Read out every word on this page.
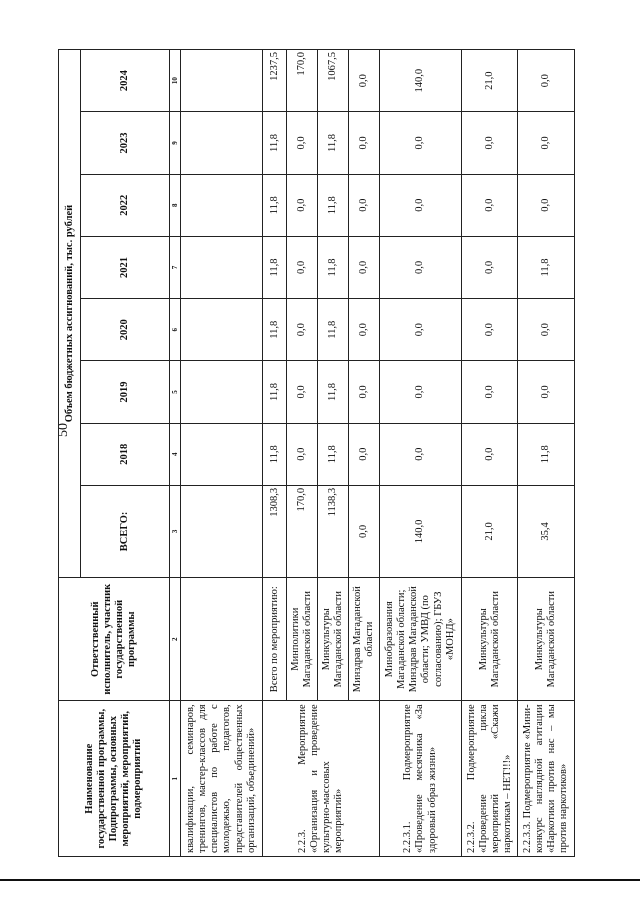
50
Наименование государственной программы, Подпрограммы, основных мероприятий, мероприятий, подмероприятий	Ответственный исполнитель, участник государственной программы	Объем бюджетных ассигнований, тыс. рублей							
		ВСЕГО:	2018	2019	2020	2021	2022	2023	2024
1	2	3	4	5	6	7	8	9	10

квалификации, семинаров, тренингов, мастер-классов для специалистов по работе с молодежью, педагогов, представителей общественных организаций, объединений»									

2.2.3. Мероприятие «Организация и проведение культурно-массовых мероприятий»	Всего по мероприятию:	1308,3	11,8	11,8	11,8	11,8	11,8	11,8	1237,5
	Минполитики Магаданской области	170,0	0,0	0,0	0,0	0,0	0,0	0,0	170,0
	Минкультуры Магаданской области	1138,3	11,8	11,8	11,8	11,8	11,8	11,8	1067,5
	Минздрав Магаданской области	0,0	0,0	0,0	0,0	0,0	0,0	0,0	0,0

2.2.3.1. Подмероприятие «Проведение месячника «За здоровый образ жизни»	Минобразования Магаданской области; Минздрав Магаданской области; УМВД (по согласованию); ГБУЗ «МОНД»	140,0	0,0	0,0	0,0	0,0	0,0	0,0	140,0

2.2.3.2. Подмероприятие «Проведение цикла мероприятий «Скажи наркотикам – НЕТ!!!»	Минкультуры Магаданской области	21,0	0,0	0,0	0,0	0,0	0,0	0,0	21,0

2.2.3.3. Подмероприятие «Мини-конкурс наглядной агитации «Наркотики против нас – мы против наркотиков»	Минкультуры Магаданской области	35,4	11,8	0,0	0,0	11,8	0,0	0,0	0,0
